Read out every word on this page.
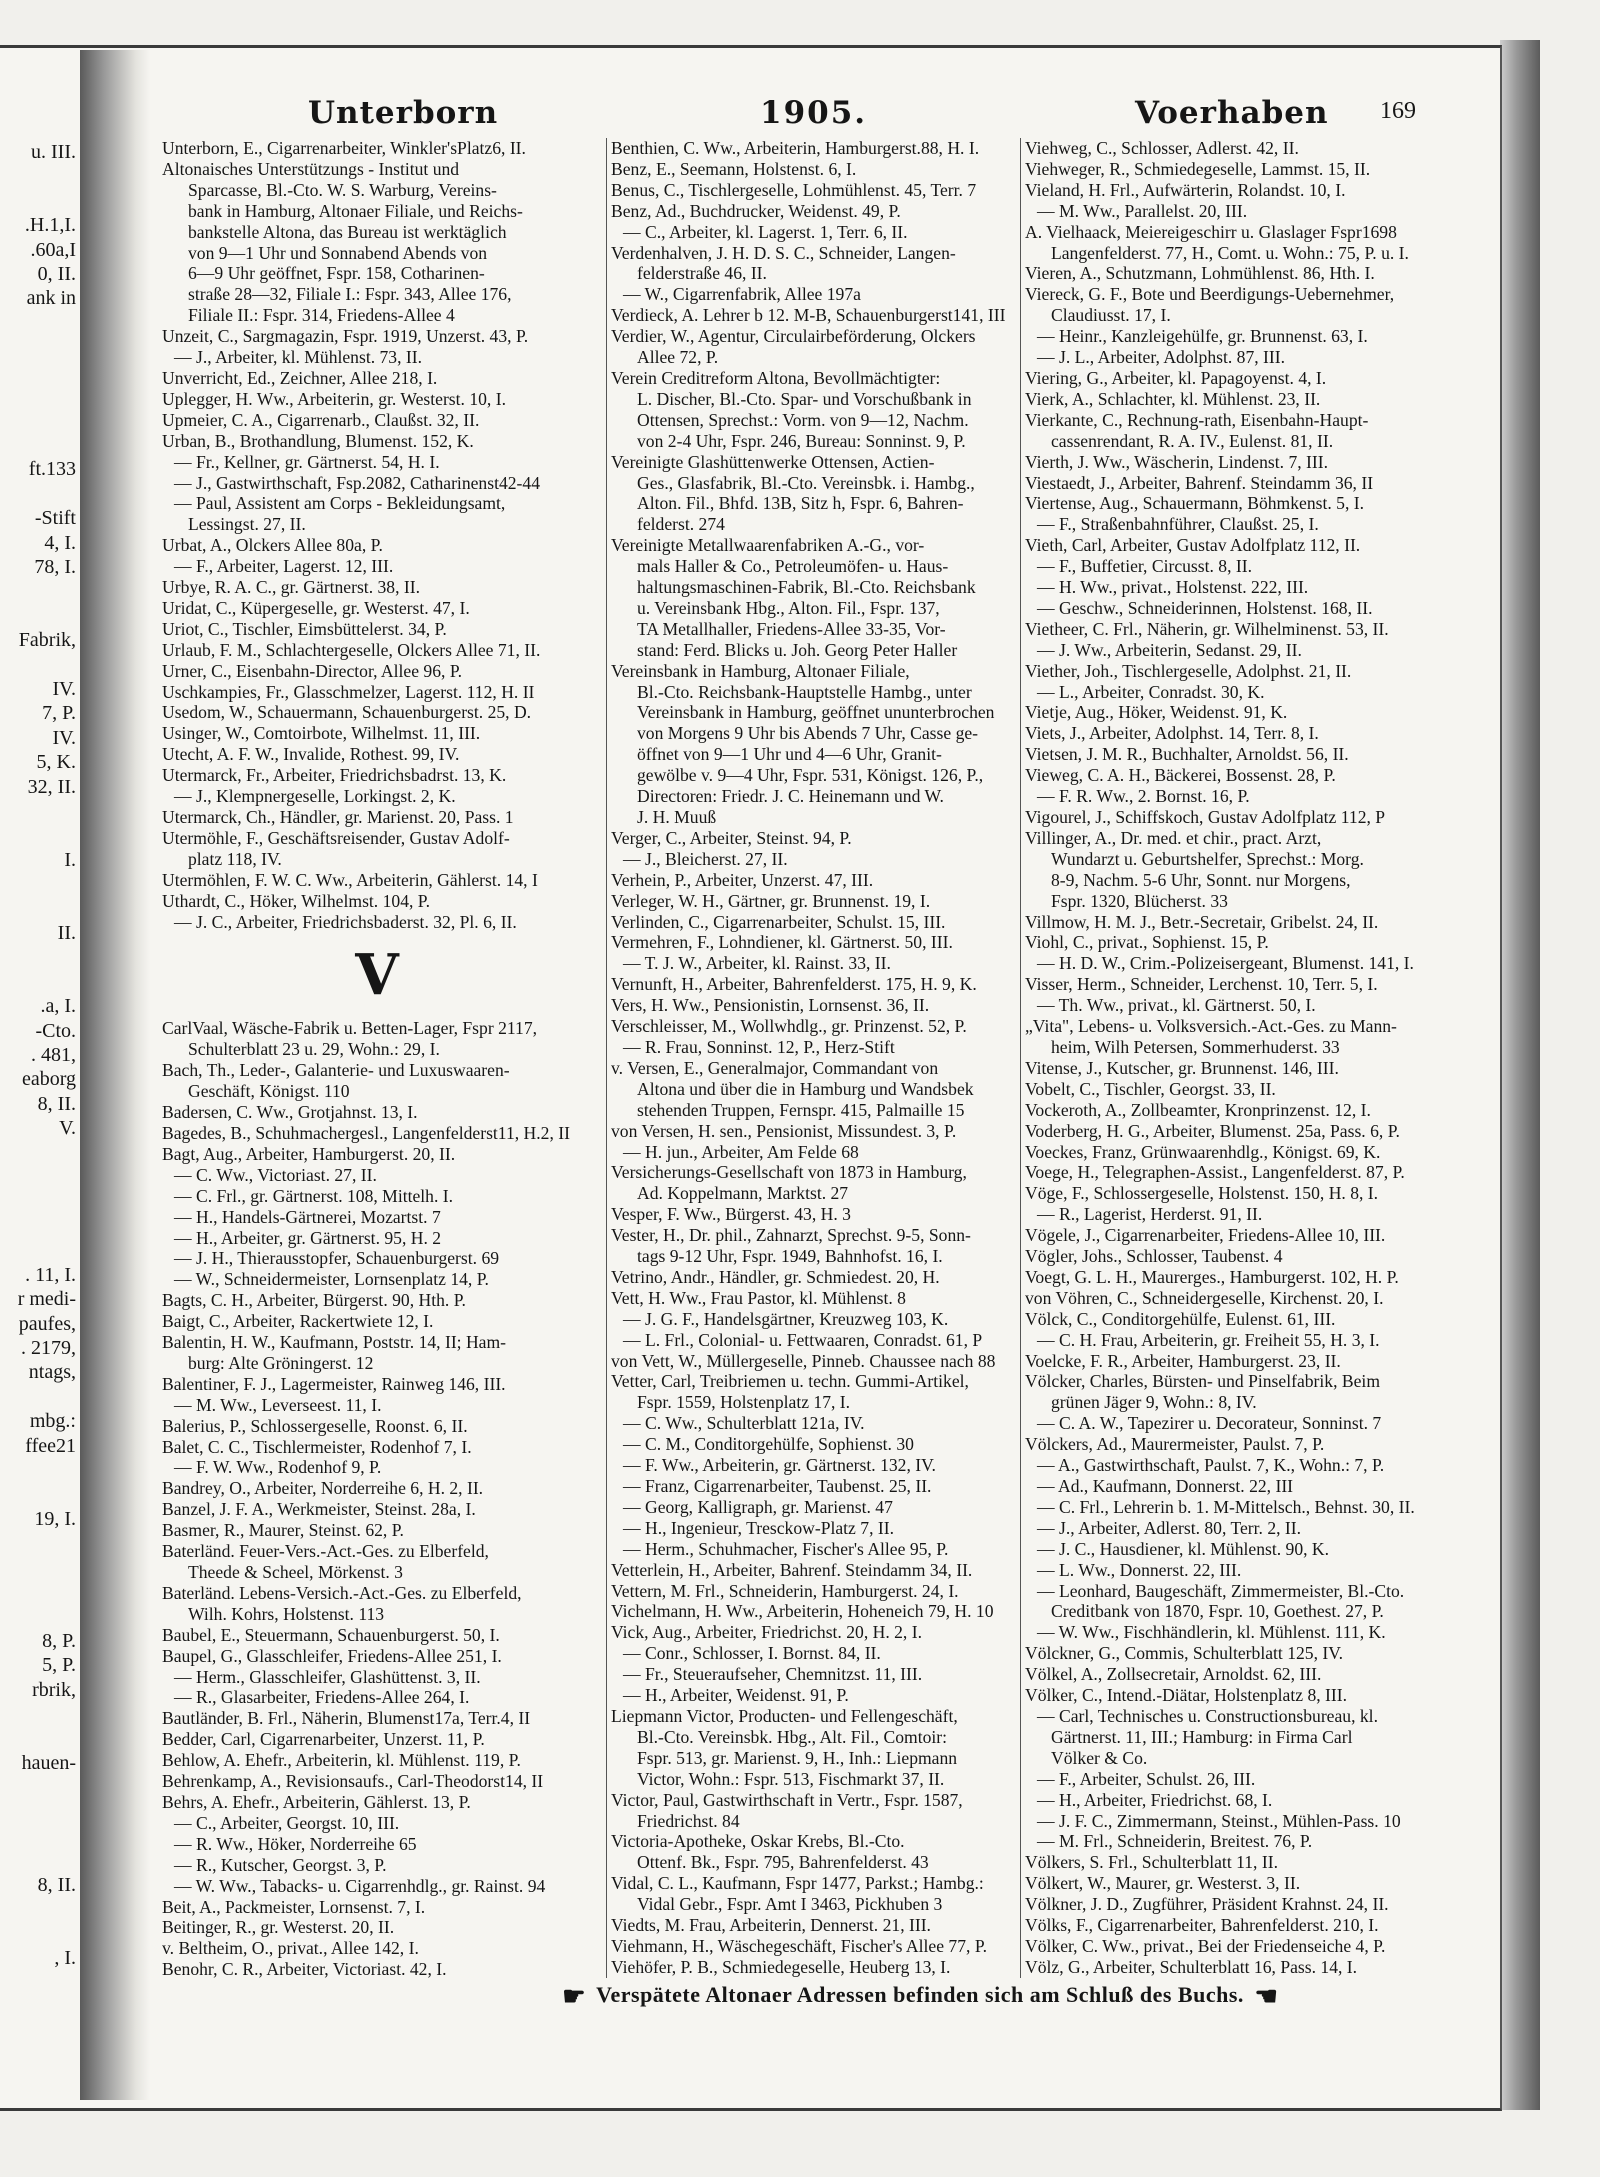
u. III.

.H.1,I.
.60a,I
0, II.
ank in

ft.133

-Stift
4, I.
78, I.

Fabrik,

IV.
7, P.
IV.
5, K.
32, II.

I.

II.

.a, I.
-Cto.
. 481,
eaborg
8, II.
V.

. 11, I.
r medi-
paufes,
. 2179,
ntags,

mbg.:
ffee21

19, I.

8, P.
5, P.
rbrik,

hauen-

8, II.

, I.

Unterborn	1905.	Voerhaben 169
Unterborn, E., Cigarrenarbeiter, Winkler'sPlatz6, II.
Altonaisches Unterstützungs - Institut und
Sparcasse, Bl.-Cto. W. S. Warburg, Vereins-
bank in Hamburg, Altonaer Filiale, und Reichs-
bankstelle Altona, das Bureau ist werktäglich
von 9—1 Uhr und Sonnabend Abends von
6—9 Uhr geöffnet, Fspr. 158, Cotharinen-
straße 28—32, Filiale I.: Fspr. 343, Allee 176,
Filiale II.: Fspr. 314, Friedens-Allee 4
Unzeit, C., Sargmagazin, Fspr. 1919, Unzerst. 43, P.
— J., Arbeiter, kl. Mühlenst. 73, II.
Unverricht, Ed., Zeichner, Allee 218, I.
Uplegger, H. Ww., Arbeiterin, gr. Westerst. 10, I.
Upmeier, C. A., Cigarrenarb., Claußst. 32, II.
Urban, B., Brothandlung, Blumenst. 152, K.
— Fr., Kellner, gr. Gärtnerst. 54, H. I.
— J., Gastwirthschaft, Fsp.2082, Catharinenst42-44
— Paul, Assistent am Corps - Bekleidungsamt,
Lessingst. 27, II.
Urbat, A., Olckers Allee 80a, P.
— F., Arbeiter, Lagerst. 12, III.
Urbye, R. A. C., gr. Gärtnerst. 38, II.
Uridat, C., Küpergeselle, gr. Westerst. 47, I.
Uriot, C., Tischler, Eimsbüttelerst. 34, P.
Urlaub, F. M., Schlachtergeselle, Olckers Allee 71, II.
Urner, C., Eisenbahn-Director, Allee 96, P.
Uschkampies, Fr., Glasschmelzer, Lagerst. 112, H. II
Usedom, W., Schauermann, Schauenburgerst. 25, D.
Usinger, W., Comtoirbote, Wilhelmst. 11, III.
Utecht, A. F. W., Invalide, Rothest. 99, IV.
Utermarck, Fr., Arbeiter, Friedrichsbadrst. 13, K.
— J., Klempnergeselle, Lorkingst. 2, K.
Utermarck, Ch., Händler, gr. Marienst. 20, Pass. 1
Utermöhle, F., Geschäftsreisender, Gustav Adolf-
platz 118, IV.
Utermöhlen, F. W. C. Ww., Arbeiterin, Gählerst. 14, I
Uthardt, C., Höker, Wilhelmst. 104, P.
— J. C., Arbeiter, Friedrichsbaderst. 32, Pl. 6, II.
V
CarlVaal, Wäsche-Fabrik u. Betten-Lager, Fspr 2117,
Schulterblatt 23 u. 29, Wohn.: 29, I.
Bach, Th., Leder-, Galanterie- und Luxuswaaren-
Geschäft, Königst. 110
Badersen, C. Ww., Grotjahnst. 13, I.
Bagedes, B., Schuhmachergesl., Langenfelderst11, H.2, II
Bagt, Aug., Arbeiter, Hamburgerst. 20, II.
— C. Ww., Victoriast. 27, II.
— C. Frl., gr. Gärtnerst. 108, Mittelh. I.
— H., Handels-Gärtnerei, Mozartst. 7
— H., Arbeiter, gr. Gärtnerst. 95, H. 2
— J. H., Thierausstopfer, Schauenburgerst. 69
— W., Schneidermeister, Lornsenplatz 14, P.
Bagts, C. H., Arbeiter, Bürgerst. 90, Hth. P.
Baigt, C., Arbeiter, Rackertwiete 12, I.
Balentin, H. W., Kaufmann, Poststr. 14, II; Ham-
burg: Alte Gröningerst. 12
Balentiner, F. J., Lagermeister, Rainweg 146, III.
— M. Ww., Leverseest. 11, I.
Balerius, P., Schlossergeselle, Roonst. 6, II.
Balet, C. C., Tischlermeister, Rodenhof 7, I.
— F. W. Ww., Rodenhof 9, P.
Bandrey, O., Arbeiter, Norderreihe 6, H. 2, II.
Banzel, J. F. A., Werkmeister, Steinst. 28a, I.
Basmer, R., Maurer, Steinst. 62, P.
Baterländ. Feuer-Vers.-Act.-Ges. zu Elberfeld,
Theede & Scheel, Mörkenst. 3
Baterländ. Lebens-Versich.-Act.-Ges. zu Elberfeld,
Wilh. Kohrs, Holstenst. 113
Baubel, E., Steuermann, Schauenburgerst. 50, I.
Baupel, G., Glasschleifer, Friedens-Allee 251, I.
— Herm., Glasschleifer, Glashüttenst. 3, II.
— R., Glasarbeiter, Friedens-Allee 264, I.
Bautländer, B. Frl., Näherin, Blumenst17a, Terr.4, II
Bedder, Carl, Cigarrenarbeiter, Unzerst. 11, P.
Behlow, A. Ehefr., Arbeiterin, kl. Mühlenst. 119, P.
Behrenkamp, A., Revisionsaufs., Carl-Theodorst14, II
Behrs, A. Ehefr., Arbeiterin, Gählerst. 13, P.
— C., Arbeiter, Georgst. 10, III.
— R. Ww., Höker, Norderreihe 65
— R., Kutscher, Georgst. 3, P.
— W. Ww., Tabacks- u. Cigarrenhdlg., gr. Rainst. 94
Beit, A., Packmeister, Lornsenst. 7, I.
Beitinger, R., gr. Westerst. 20, II.
v. Beltheim, O., privat., Allee 142, I.
Benohr, C. R., Arbeiter, Victoriast. 42, I.
Benthien, C. Ww., Arbeiterin, Hamburgerst.88, H. I.
Benz, E., Seemann, Holstenst. 6, I.
Benus, C., Tischlergeselle, Lohmühlenst. 45, Terr. 7
Benz, Ad., Buchdrucker, Weidenst. 49, P.
— C., Arbeiter, kl. Lagerst. 1, Terr. 6, II.
Verdenhalven, J. H. D. S. C., Schneider, Langen-
felderstraße 46, II.
— W., Cigarrenfabrik, Allee 197a
Verdieck, A. Lehrer b 12. M-B, Schauenburgerst141, III
Verdier, W., Agentur, Circulairbeförderung, Olckers
Allee 72, P.
Verein Creditreform Altona, Bevollmächtigter:
L. Discher, Bl.-Cto. Spar- und Vorschußbank in
Ottensen, Sprechst.: Vorm. von 9—12, Nachm.
von 2-4 Uhr, Fspr. 246, Bureau: Sonninst. 9, P.
Vereinigte Glashüttenwerke Ottensen, Actien-
Ges., Glasfabrik, Bl.-Cto. Vereinsbk. i. Hambg.,
Alton. Fil., Bhfd. 13B, Sitz h, Fspr. 6, Bahren-
felderst. 274
Vereinigte Metallwaarenfabriken A.-G., vor-
mals Haller & Co., Petroleumöfen- u. Haus-
haltungsmaschinen-Fabrik, Bl.-Cto. Reichsbank
u. Vereinsbank Hbg., Alton. Fil., Fspr. 137,
TA Metallhaller, Friedens-Allee 33-35, Vor-
stand: Ferd. Blicks u. Joh. Georg Peter Haller
Vereinsbank in Hamburg, Altonaer Filiale,
Bl.-Cto. Reichsbank-Hauptstelle Hambg., unter
Vereinsbank in Hamburg, geöffnet ununterbrochen
von Morgens 9 Uhr bis Abends 7 Uhr, Casse ge-
öffnet von 9—1 Uhr und 4—6 Uhr, Granit-
gewölbe v. 9—4 Uhr, Fspr. 531, Königst. 126, P.,
Directoren: Friedr. J. C. Heinemann und W.
J. H. Muuß
Verger, C., Arbeiter, Steinst. 94, P.
— J., Bleicherst. 27, II.
Verhein, P., Arbeiter, Unzerst. 47, III.
Verleger, W. H., Gärtner, gr. Brunnenst. 19, I.
Verlinden, C., Cigarrenarbeiter, Schulst. 15, III.
Vermehren, F., Lohndiener, kl. Gärtnerst. 50, III.
— T. J. W., Arbeiter, kl. Rainst. 33, II.
Vernunft, H., Arbeiter, Bahrenfelderst. 175, H. 9, K.
Vers, H. Ww., Pensionistin, Lornsenst. 36, II.
Verschleisser, M., Wollwhdlg., gr. Prinzenst. 52, P.
— R. Frau, Sonninst. 12, P., Herz-Stift
v. Versen, E., Generalmajor, Commandant von
Altona und über die in Hamburg und Wandsbek
stehenden Truppen, Fernspr. 415, Palmaille 15
von Versen, H. sen., Pensionist, Missundest. 3, P.
— H. jun., Arbeiter, Am Felde 68
Versicherungs-Gesellschaft von 1873 in Hamburg,
Ad. Koppelmann, Marktst. 27
Vesper, F. Ww., Bürgerst. 43, H. 3
Vester, H., Dr. phil., Zahnarzt, Sprechst. 9-5, Sonn-
tags 9-12 Uhr, Fspr. 1949, Bahnhofst. 16, I.
Vetrino, Andr., Händler, gr. Schmiedest. 20, H.
Vett, H. Ww., Frau Pastor, kl. Mühlenst. 8
— J. G. F., Handelsgärtner, Kreuzweg 103, K.
— L. Frl., Colonial- u. Fettwaaren, Conradst. 61, P
von Vett, W., Müllergeselle, Pinneb. Chaussee nach 88
Vetter, Carl, Treibriemen u. techn. Gummi-Artikel,
Fspr. 1559, Holstenplatz 17, I.
— C. Ww., Schulterblatt 121a, IV.
— C. M., Conditorgehülfe, Sophienst. 30
— F. Ww., Arbeiterin, gr. Gärtnerst. 132, IV.
— Franz, Cigarrenarbeiter, Taubenst. 25, II.
— Georg, Kalligraph, gr. Marienst. 47
— H., Ingenieur, Tresckow-Platz 7, II.
— Herm., Schuhmacher, Fischer's Allee 95, P.
Vetterlein, H., Arbeiter, Bahrenf. Steindamm 34, II.
Vettern, M. Frl., Schneiderin, Hamburgerst. 24, I.
Vichelmann, H. Ww., Arbeiterin, Hoheneich 79, H. 10
Vick, Aug., Arbeiter, Friedrichst. 20, H. 2, I.
— Conr., Schlosser, I. Bornst. 84, II.
— Fr., Steueraufseher, Chemnitzst. 11, III.
— H., Arbeiter, Weidenst. 91, P.
Liepmann Victor, Producten- und Fellengeschäft,
Bl.-Cto. Vereinsbk. Hbg., Alt. Fil., Comtoir:
Fspr. 513, gr. Marienst. 9, H., Inh.: Liepmann
Victor, Wohn.: Fspr. 513, Fischmarkt 37, II.
Victor, Paul, Gastwirthschaft in Vertr., Fspr. 1587,
Friedrichst. 84
Victoria-Apotheke, Oskar Krebs, Bl.-Cto.
Ottenf. Bk., Fspr. 795, Bahrenfelderst. 43
Vidal, C. L., Kaufmann, Fspr 1477, Parkst.; Hambg.:
Vidal Gebr., Fspr. Amt I 3463, Pickhuben 3
Viedts, M. Frau, Arbeiterin, Dennerst. 21, III.
Viehmann, H., Wäschegeschäft, Fischer's Allee 77, P.
Viehöfer, P. B., Schmiedegeselle, Heuberg 13, I.
Viehweg, C., Schlosser, Adlerst. 42, II.
Viehweger, R., Schmiedegeselle, Lammst. 15, II.
Vieland, H. Frl., Aufwärterin, Rolandst. 10, I.
— M. Ww., Parallelst. 20, III.
A. Vielhaack, Meiereigeschirr u. Glaslager Fspr1698
Langenfelderst. 77, H., Comt. u. Wohn.: 75, P. u. I.
Vieren, A., Schutzmann, Lohmühlenst. 86, Hth. I.
Viereck, G. F., Bote und Beerdigungs-Uebernehmer,
Claudiusst. 17, I.
— Heinr., Kanzleigehülfe, gr. Brunnenst. 63, I.
— J. L., Arbeiter, Adolphst. 87, III.
Viering, G., Arbeiter, kl. Papagoyenst. 4, I.
Vierk, A., Schlachter, kl. Mühlenst. 23, II.
Vierkante, C., Rechnung-rath, Eisenbahn-Haupt-
cassenrendant, R. A. IV., Eulenst. 81, II.
Vierth, J. Ww., Wäscherin, Lindenst. 7, III.
Viestaedt, J., Arbeiter, Bahrenf. Steindamm 36, II
Viertense, Aug., Schauermann, Böhmkenst. 5, I.
— F., Straßenbahnführer, Claußst. 25, I.
Vieth, Carl, Arbeiter, Gustav Adolfplatz 112, II.
— F., Buffetier, Circusst. 8, II.
— H. Ww., privat., Holstenst. 222, III.
— Geschw., Schneiderinnen, Holstenst. 168, II.
Vietheer, C. Frl., Näherin, gr. Wilhelminenst. 53, II.
— J. Ww., Arbeiterin, Sedanst. 29, II.
Viether, Joh., Tischlergeselle, Adolphst. 21, II.
— L., Arbeiter, Conradst. 30, K.
Vietje, Aug., Höker, Weidenst. 91, K.
Viets, J., Arbeiter, Adolphst. 14, Terr. 8, I.
Vietsen, J. M. R., Buchhalter, Arnoldst. 56, II.
Vieweg, C. A. H., Bäckerei, Bossenst. 28, P.
— F. R. Ww., 2. Bornst. 16, P.
Vigourel, J., Schiffskoch, Gustav Adolfplatz 112, P
Villinger, A., Dr. med. et chir., pract. Arzt,
Wundarzt u. Geburtshelfer, Sprechst.: Morg.
8-9, Nachm. 5-6 Uhr, Sonnt. nur Morgens,
Fspr. 1320, Blücherst. 33
Villmow, H. M. J., Betr.-Secretair, Gribelst. 24, II.
Viohl, C., privat., Sophienst. 15, P.
— H. D. W., Crim.-Polizeisergeant, Blumenst. 141, I.
Visser, Herm., Schneider, Lerchenst. 10, Terr. 5, I.
— Th. Ww., privat., kl. Gärtnerst. 50, I.
„Vita", Lebens- u. Volksversich.-Act.-Ges. zu Mann-
heim, Wilh Petersen, Sommerhuderst. 33
Vitense, J., Kutscher, gr. Brunnenst. 146, III.
Vobelt, C., Tischler, Georgst. 33, II.
Vockeroth, A., Zollbeamter, Kronprinzenst. 12, I.
Voderberg, H. G., Arbeiter, Blumenst. 25a, Pass. 6, P.
Voeckes, Franz, Grünwaarenhdlg., Königst. 69, K.
Voege, H., Telegraphen-Assist., Langenfelderst. 87, P.
Vöge, F., Schlossergeselle, Holstenst. 150, H. 8, I.
— R., Lagerist, Herderst. 91, II.
Vögele, J., Cigarrenarbeiter, Friedens-Allee 10, III.
Vögler, Johs., Schlosser, Taubenst. 4
Voegt, G. L. H., Maurerges., Hamburgerst. 102, H. P.
von Vöhren, C., Schneidergeselle, Kirchenst. 20, I.
Völck, C., Conditorgehülfe, Eulenst. 61, III.
— C. H. Frau, Arbeiterin, gr. Freiheit 55, H. 3, I.
Voelcke, F. R., Arbeiter, Hamburgerst. 23, II.
Völcker, Charles, Bürsten- und Pinselfabrik, Beim
grünen Jäger 9, Wohn.: 8, IV.
— C. A. W., Tapezirer u. Decorateur, Sonninst. 7
Völckers, Ad., Maurermeister, Paulst. 7, P.
— A., Gastwirthschaft, Paulst. 7, K., Wohn.: 7, P.
— Ad., Kaufmann, Donnerst. 22, III
— C. Frl., Lehrerin b. 1. M-Mittelsch., Behnst. 30, II.
— J., Arbeiter, Adlerst. 80, Terr. 2, II.
— J. C., Hausdiener, kl. Mühlenst. 90, K.
— L. Ww., Donnerst. 22, III.
— Leonhard, Baugeschäft, Zimmermeister, Bl.-Cto.
Creditbank von 1870, Fspr. 10, Goethest. 27, P.
— W. Ww., Fischhändlerin, kl. Mühlenst. 111, K.
Völckner, G., Commis, Schulterblatt 125, IV.
Völkel, A., Zollsecretair, Arnoldst. 62, III.
Völker, C., Intend.-Diätar, Holstenplatz 8, III.
— Carl, Technisches u. Constructionsbureau, kl.
Gärtnerst. 11, III.; Hamburg: in Firma Carl
Völker & Co.
— F., Arbeiter, Schulst. 26, III.
— H., Arbeiter, Friedrichst. 68, I.
— J. F. C., Zimmermann, Steinst., Mühlen-Pass. 10
— M. Frl., Schneiderin, Breitest. 76, P.
Völkers, S. Frl., Schulterblatt 11, II.
Völkert, W., Maurer, gr. Westerst. 3, II.
Völkner, J. D., Zugführer, Präsident Krahnst. 24, II.
Völks, F., Cigarrenarbeiter, Bahrenfelderst. 210, I.
Völker, C. Ww., privat., Bei der Friedenseiche 4, P.
Völz, G., Arbeiter, Schulterblatt 16, Pass. 14, I.
☛ Verspätete Altonaer Adressen befinden sich am Schluß des Buchs. ☛
